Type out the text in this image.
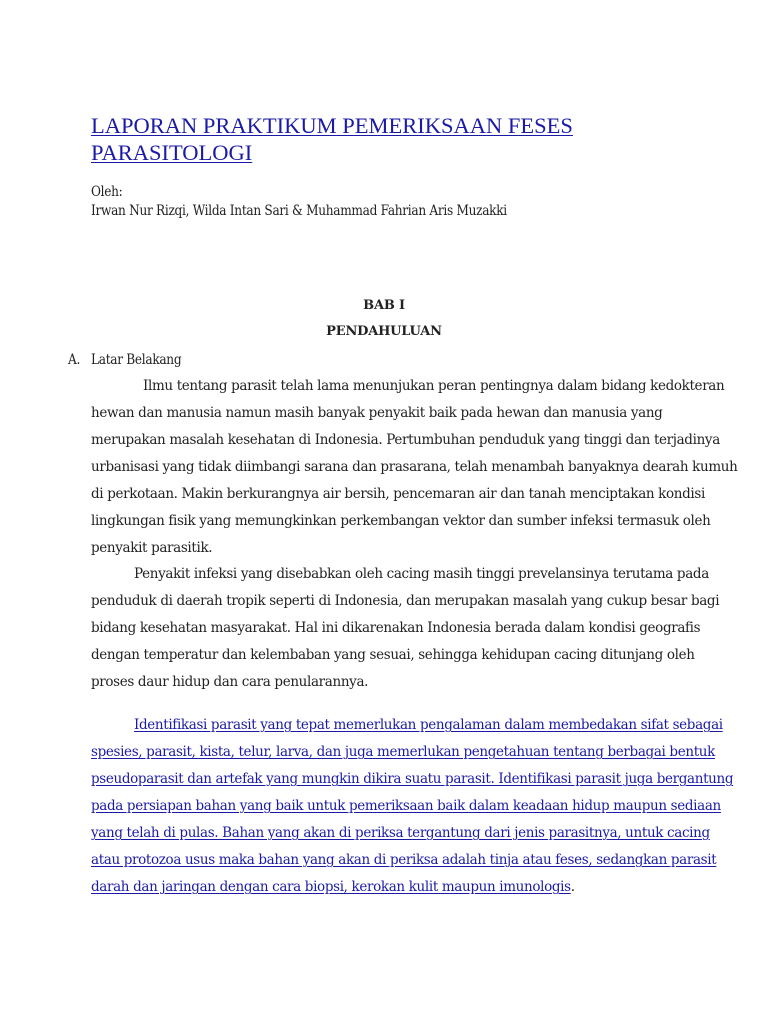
LAPORAN PRAKTIKUM PEMERIKSAAN FESES
PARASITOLOGI
Oleh:
Irwan Nur Rizqi, Wilda Intan Sari & Muhammad Fahrian Aris Muzakki
BAB I
PENDAHULUAN
A. Latar Belakang
Ilmu tentang parasit telah lama menunjukan peran pentingnya dalam bidang kedokteran
hewan dan manusia namun masih banyak penyakit baik pada hewan dan manusia yang
merupakan masalah kesehatan di Indonesia. Pertumbuhan penduduk yang tinggi dan terjadinya
urbanisasi yang tidak diimbangi sarana dan prasarana, telah menambah banyaknya dearah kumuh
di perkotaan. Makin berkurangnya air bersih, pencemaran air dan tanah menciptakan kondisi
lingkungan fisik yang memungkinkan perkembangan vektor dan sumber infeksi termasuk oleh
penyakit parasitik.
Penyakit infeksi yang disebabkan oleh cacing masih tinggi prevelansinya terutama pada
penduduk di daerah tropik seperti di Indonesia, dan merupakan masalah yang cukup besar bagi
bidang kesehatan masyarakat. Hal ini dikarenakan Indonesia berada dalam kondisi geografis
dengan temperatur dan kelembaban yang sesuai, sehingga kehidupan cacing ditunjang oleh
proses daur hidup dan cara penularannya.
Identifikasi parasit yang tepat memerlukan pengalaman dalam membedakan sifat sebagai
spesies, parasit, kista, telur, larva, dan juga memerlukan pengetahuan tentang berbagai bentuk
pseudoparasit dan artefak yang mungkin dikira suatu parasit. Identifikasi parasit juga bergantung
pada persiapan bahan yang baik untuk pemeriksaan baik dalam keadaan hidup maupun sediaan
yang telah di pulas. Bahan yang akan di periksa tergantung dari jenis parasitnya, untuk cacing
atau protozoa usus maka bahan yang akan di periksa adalah tinja atau feses, sedangkan parasit
darah dan jaringan dengan cara biopsi, kerokan kulit maupun imunologis.
